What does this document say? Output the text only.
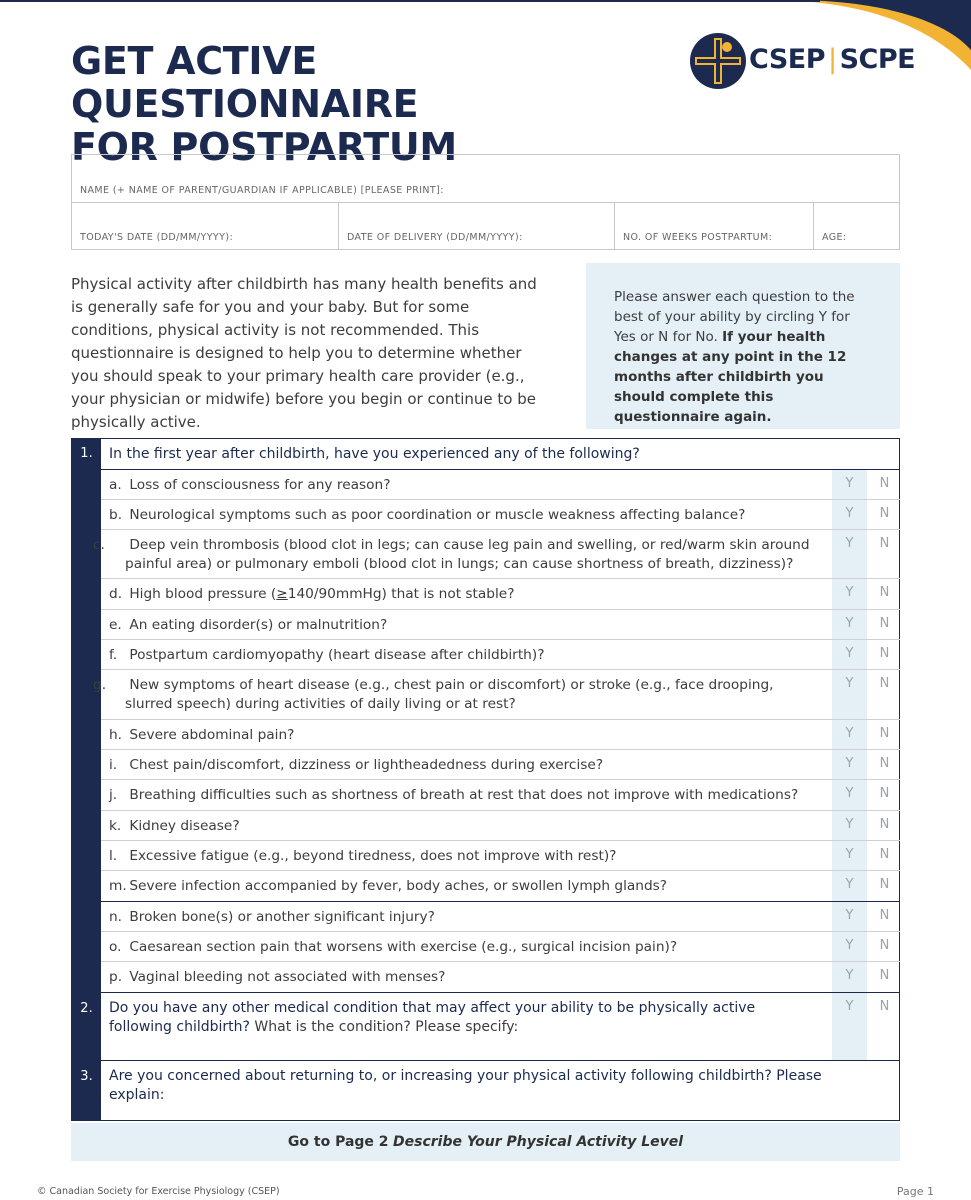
GET ACTIVE QUESTIONNAIRE
FOR POSTPARTUM
CSEP | SCPE
NAME (+ NAME OF PARENT/GUARDIAN IF APPLICABLE) [PLEASE PRINT]:
TODAY'S DATE (DD/MM/YYYY):	DATE OF DELIVERY (DD/MM/YYYY):	NO. OF WEEKS POSTPARTUM:	AGE:

Physical activity after childbirth has many health benefits and is generally safe for you and your baby. But for some conditions, physical activity is not recommended. This questionnaire is designed to help you to determine whether you should speak to your primary health care provider (e.g., your physician or midwife) before you begin or continue to be physically active.

Please answer each question to the best of your ability by circling Y for Yes or N for No. If your health changes at any point in the 12 months after childbirth you should complete this questionnaire again.
1.	In the first year after childbirth, have you experienced any of the following?
a. Loss of consciousness for any reason?	Y	N
b. Neurological symptoms such as poor coordination or muscle weakness affecting balance?	Y	N
c. Deep vein thrombosis (blood clot in legs; can cause leg pain and swelling, or red/warm skin around painful area) or pulmonary emboli (blood clot in lungs; can cause shortness of breath, dizziness)?
Y	N
d. High blood pressure (≥140/90mmHg) that is not stable?	Y	N
e. An eating disorder(s) or malnutrition?	Y	N
f. Postpartum cardiomyopathy (heart disease after childbirth)?	Y	N
g. New symptoms of heart disease (e.g., chest pain or discomfort) or stroke (e.g., face drooping, slurred speech) during activities of daily living or at rest?
Y	N
h. Severe abdominal pain?	Y	N
i. Chest pain/discomfort, dizziness or lightheadedness during exercise?	Y	N
j. Breathing difficulties such as shortness of breath at rest that does not improve with medications?	Y	N
k. Kidney disease?	Y	N
l. Excessive fatigue (e.g., beyond tiredness, does not improve with rest)?	Y	N
m. Severe infection accompanied by fever, body aches, or swollen lymph glands?	Y	N
n. Broken bone(s) or another significant injury?	Y	N
o. Caesarean section pain that worsens with exercise (e.g., surgical incision pain)?	Y	N
p. Vaginal bleeding not associated with menses?	Y	N
2.	Do you have any other medical condition that may affect your ability to be physically active following childbirth? What is the condition? Please specify:
Y	N
3.	Are you concerned about returning to, or increasing your physical activity following childbirth? Please explain:
Go to Page 2 Describe Your Physical Activity Level
© Canadian Society for Exercise Physiology (CSEP)	Page 1
